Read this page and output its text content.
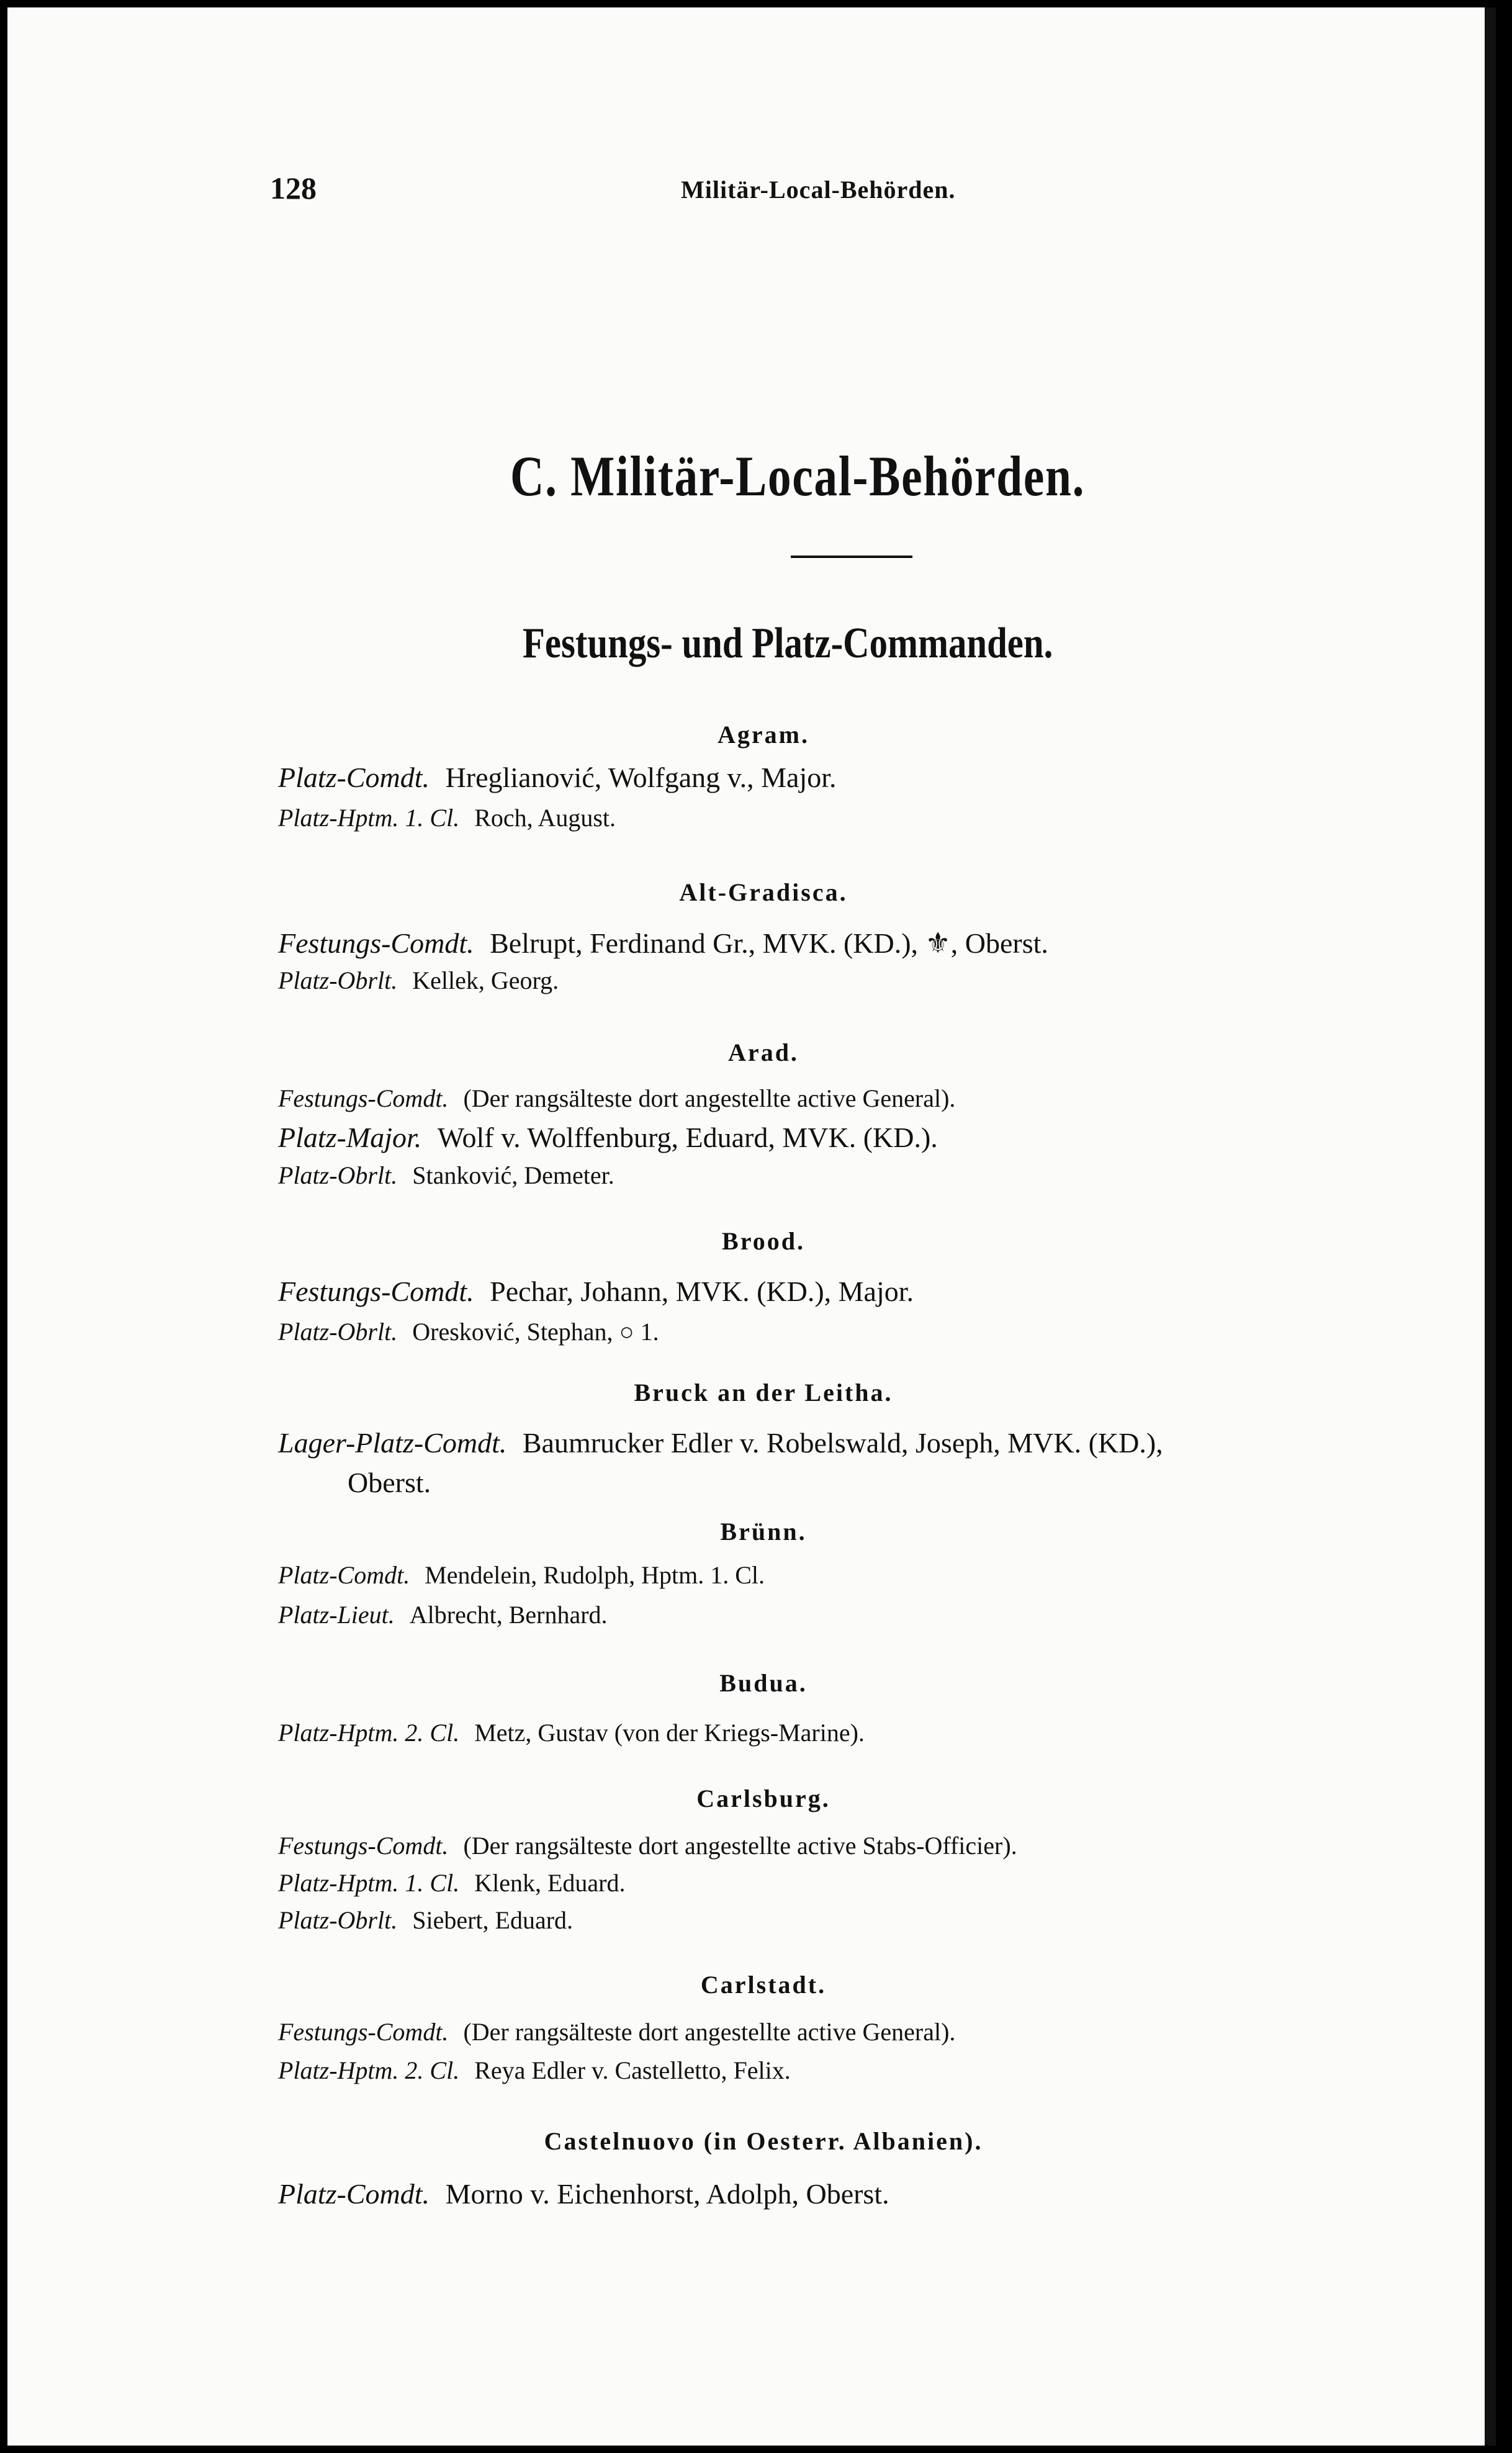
128	Militär-Local-Behörden.
C. Militär-Local-Behörden.
Festungs- und Platz-Commanden.
Agram.
Platz-Comdt. Hreglianović, Wolfgang v., Major.
Platz-Hptm. 1. Cl. Roch, August.
Alt-Gradisca.
Festungs-Comdt. Belrupt, Ferdinand Gr., MVK. (KD.), ⚜, Oberst.
Platz-Obrlt. Kellek, Georg.
Arad.
Festungs-Comdt. (Der rangsälteste dort angestellte active General).
Platz-Major. Wolf v. Wolffenburg, Eduard, MVK. (KD.).
Platz-Obrlt. Stanković, Demeter.
Brood.
Festungs-Comdt. Pechar, Johann, MVK. (KD.), Major.
Platz-Obrlt. Oresković, Stephan, ○ 1.
Bruck an der Leitha.
Lager-Platz-Comdt. Baumrucker Edler v. Robelswald, Joseph, MVK. (KD.),
Oberst.
Brünn.
Platz-Comdt. Mendelein, Rudolph, Hptm. 1. Cl.
Platz-Lieut. Albrecht, Bernhard.
Budua.
Platz-Hptm. 2. Cl. Metz, Gustav (von der Kriegs-Marine).
Carlsburg.
Festungs-Comdt. (Der rangsälteste dort angestellte active Stabs-Officier).
Platz-Hptm. 1. Cl. Klenk, Eduard.
Platz-Obrlt. Siebert, Eduard.
Carlstadt.
Festungs-Comdt. (Der rangsälteste dort angestellte active General).
Platz-Hptm. 2. Cl. Reya Edler v. Castelletto, Felix.
Castelnuovo (in Oesterr. Albanien).
Platz-Comdt. Morno v. Eichenhorst, Adolph, Oberst.
